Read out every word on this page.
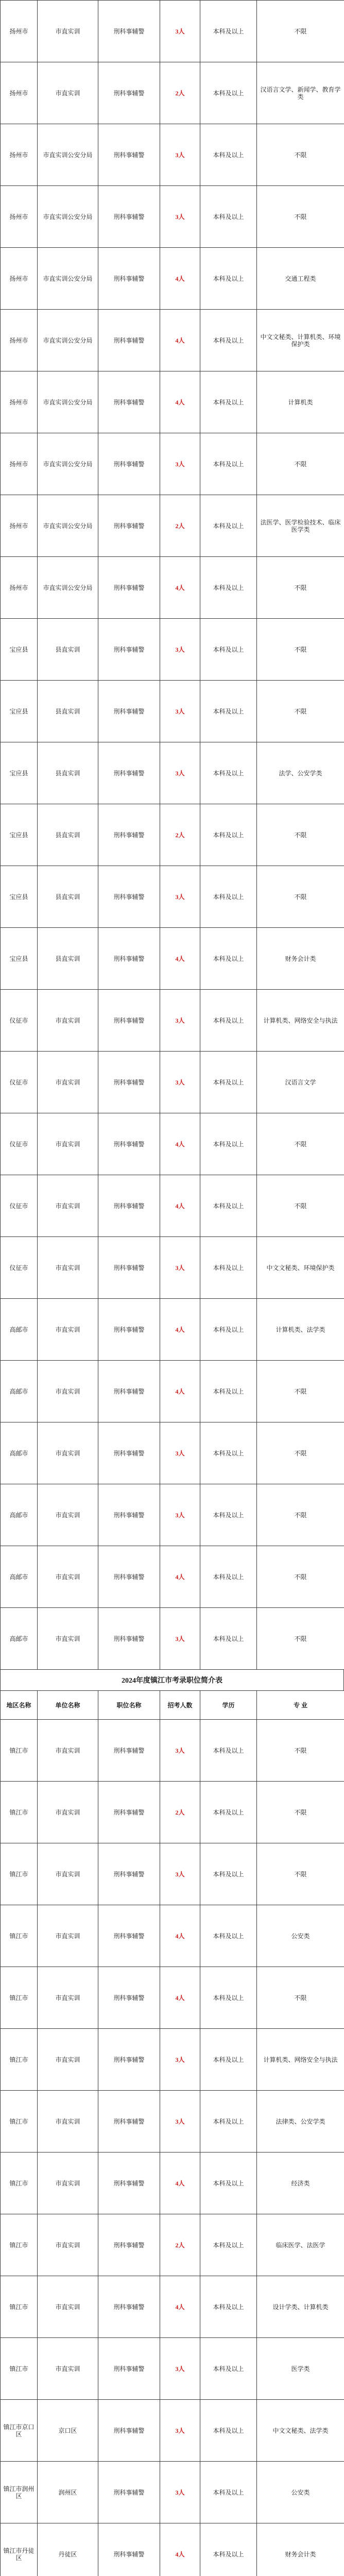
扬州市	市直实训	刑科事辅警	3人	本科及以上	不限
扬州市	市直实训	刑科事辅警	2人	本科及以上	汉语言文学、新闻学、教育学类
扬州市	市直实训公安分局	刑科事辅警	3人	本科及以上	不限
扬州市	市直实训公安分局	刑科事辅警	3人	本科及以上	不限
扬州市	市直实训公安分局	刑科事辅警	4人	本科及以上	交通工程类
扬州市	市直实训公安分局	刑科事辅警	4人	本科及以上	中文文秘类、计算机类、环境保护类
扬州市	市直实训公安分局	刑科事辅警	4人	本科及以上	计算机类
扬州市	市直实训公安分局	刑科事辅警	3人	本科及以上	不限
扬州市	市直实训公安分局	刑科事辅警	2人	本科及以上	法医学、医学检验技术、临床医学类
扬州市	市直实训公安分局	刑科事辅警	4人	本科及以上	不限
宝应县	县直实训	刑科事辅警	3人	本科及以上	不限
宝应县	县直实训	刑科事辅警	3人	本科及以上	不限
宝应县	县直实训	刑科事辅警	3人	本科及以上	法学、公安学类
宝应县	县直实训	刑科事辅警	2人	本科及以上	不限
宝应县	县直实训	刑科事辅警	3人	本科及以上	不限
宝应县	县直实训	刑科事辅警	4人	本科及以上	财务会计类
仪征市	市直实训	刑科事辅警	3人	本科及以上	计算机类、网络安全与执法
仪征市	市直实训	刑科事辅警	3人	本科及以上	汉语言文学
仪征市	市直实训	刑科事辅警	4人	本科及以上	不限
仪征市	市直实训	刑科事辅警	4人	本科及以上	不限
仪征市	市直实训	刑科事辅警	3人	本科及以上	中文文秘类、环境保护类
高邮市	市直实训	刑科事辅警	4人	本科及以上	计算机类、法学类
高邮市	市直实训	刑科事辅警	4人	本科及以上	不限
高邮市	市直实训	刑科事辅警	3人	本科及以上	不限
高邮市	市直实训	刑科事辅警	3人	本科及以上	不限
高邮市	市直实训	刑科事辅警	4人	本科及以上	不限
高邮市	市直实训	刑科事辅警	3人	本科及以上	不限
2024年度镇江市考录职位简介表
地区名称	单位名称	职位名称	招考人数	学历	专 业
镇江市	市直实训	刑科事辅警	3人	本科及以上	不限
镇江市	市直实训	刑科事辅警	2人	本科及以上	不限
镇江市	市直实训	刑科事辅警	3人	本科及以上	不限
镇江市	市直实训	刑科事辅警	4人	本科及以上	公安类
镇江市	市直实训	刑科事辅警	4人	本科及以上	不限
镇江市	市直实训	刑科事辅警	3人	本科及以上	计算机类、网络安全与执法
镇江市	市直实训	刑科事辅警	3人	本科及以上	法律类、公安学类
镇江市	市直实训	刑科事辅警	4人	本科及以上	经济类
镇江市	市直实训	刑科事辅警	2人	本科及以上	临床医学、法医学
镇江市	市直实训	刑科事辅警	4人	本科及以上	设计学类、计算机类
镇江市	市直实训	刑科事辅警	3人	本科及以上	医学类
镇江市京口区	京口区	刑科事辅警	3人	本科及以上	中文文秘类、法学类
镇江市润州区	润州区	刑科事辅警	3人	本科及以上	公安类
镇江市丹徒区	丹徒区	刑科事辅警	4人	本科及以上	财务会计类
